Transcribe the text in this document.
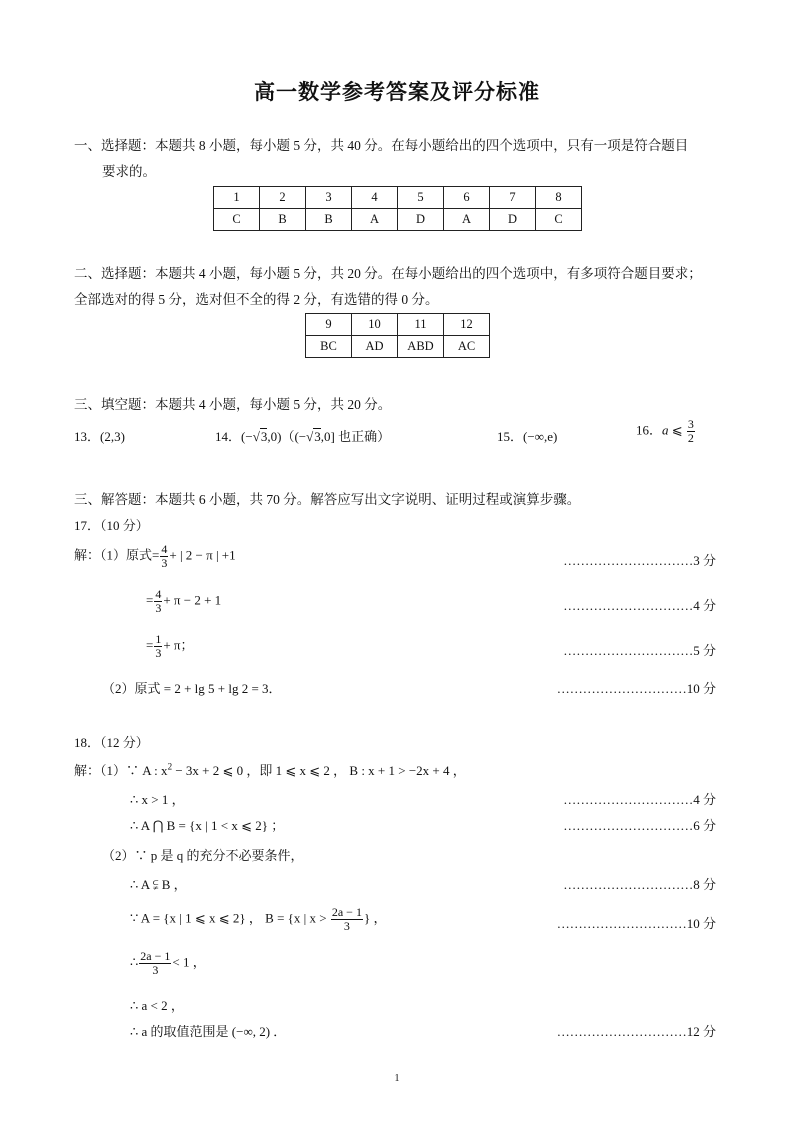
高一数学参考答案及评分标准
一、选择题：本题共 8 小题，每小题 5 分，共 40 分。在每小题给出的四个选项中，只有一项是符合题目
要求的。
1	2	3	4	5	6	7	8
C	B	B	A	D	A	D	C
二、选择题：本题共 4 小题，每小题 5 分，共 20 分。在每小题给出的四个选项中，有多项符合题目要求；
全部选对的得 5 分，选对但不全的得 2 分，有选错的得 0 分。
9	10	11	12
BC	AD	ABD	AC
三、填空题：本题共 4 小题，每小题 5 分，共 20 分。
13．(2,3)	14．(−√3,0)（(−√3,0] 也正确）	15．(−∞,e)	16．a ⩽ $\frac{3}{2}$
三、解答题：本题共 6 小题，共 70 分。解答应写出文字说明、证明过程或演算步骤。
17．（10 分）
解：（1）原式= $\frac{4}{3}$ + | 2 − π | +1	…………………………3 分
= $\frac{4}{3} + \pi - 2 + 1$	…………………………4 分
= $\frac{1}{3} + \pi$；	…………………………5 分
（2）原式 = 2 + lg 5 + lg 2 = 3．	…………………………10 分
18．（12 分）
解：（1）∵ A : $x^2 - 3x + 2$ ⩽ 0 ，即 1 ⩽ x ⩽ 2 ， B : x + 1 > −2x + 4 ，
∴ x > 1 ，	…………………………4 分
∴ A ⋂ B = {x | 1 < x ⩽ 2} ；	…………………………6 分
（2）∵ p 是 q 的充分不必要条件，
∴ A ⫋ B ，	…………………………8 分
∵ A = {x | 1 ⩽ x ⩽ 2} ， B = {x | $x > \frac{2a - 1}{3}$ } ，	…………………………10 分
∴ $\frac{2a - 1}{3} < 1$ ，
∴ a < 2 ，
∴ a 的取值范围是 (−∞, 2) ．	…………………………12 分
1
